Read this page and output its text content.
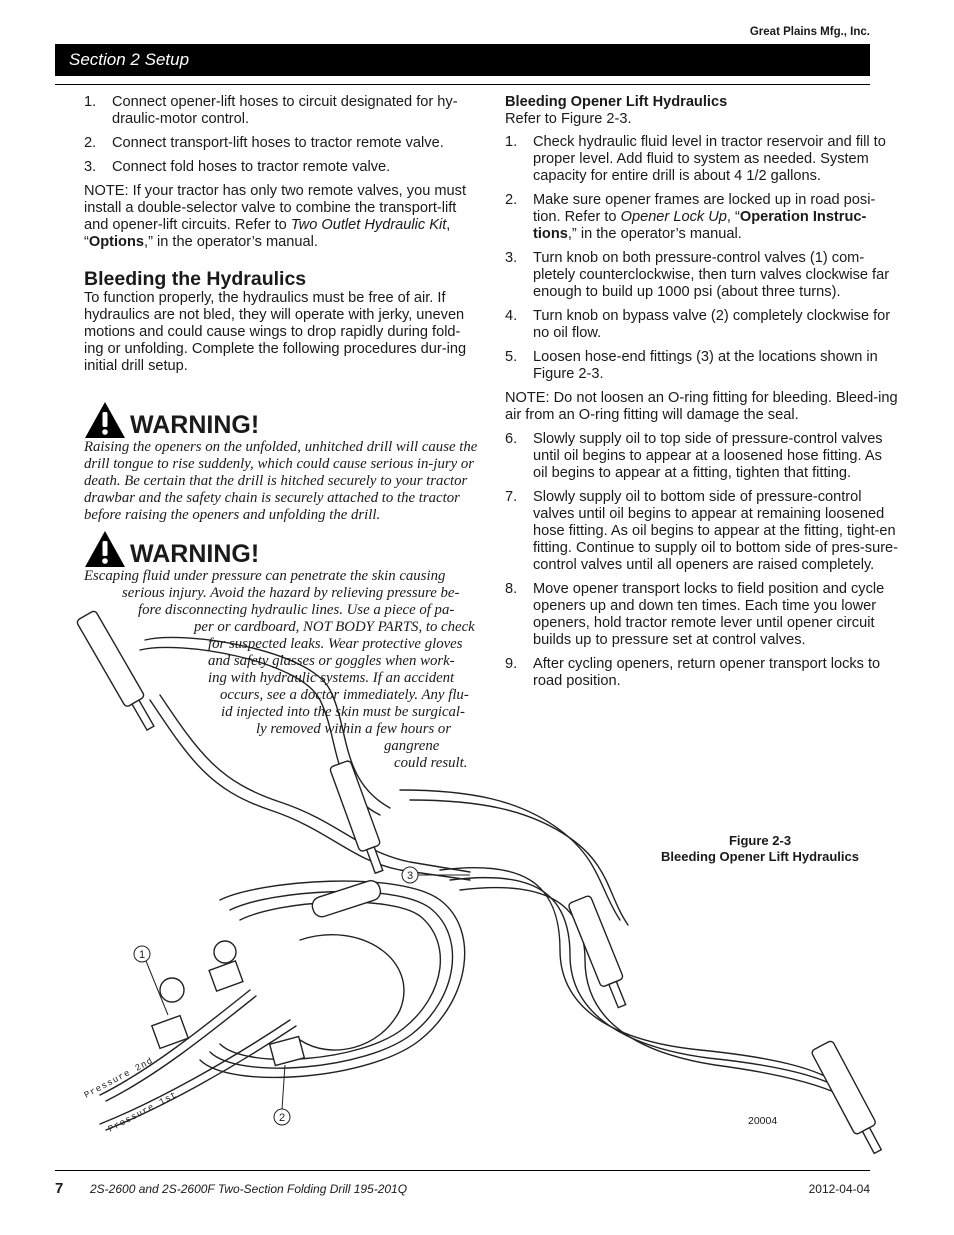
Great Plains Mfg., Inc.
Section 2 Setup
1
2
3
Pressure 2nd
Pressure 1st
1. Connect opener-lift hoses to circuit designated for hy-draulic-motor control.
2. Connect transport-lift hoses to tractor remote valve.
3. Connect fold hoses to tractor remote valve.

NOTE: If your tractor has only two remote valves, you must install a double-selector valve to combine the transport-lift and opener-lift circuits. Refer to Two Outlet Hydraulic Kit, “Options,” in the operator’s manual.

Bleeding the Hydraulics

To function properly, the hydraulics must be free of air. If hydraulics are not bled, they will operate with jerky, uneven motions and could cause wings to drop rapidly during fold-ing or unfolding. Complete the following procedures dur-ing initial drill setup.

WARNING!

Raising the openers on the unfolded, unhitched drill will cause the drill tongue to rise suddenly, which could cause serious in-jury or death. Be certain that the drill is hitched securely to your tractor drawbar and the safety chain is securely attached to the tractor before raising the openers and unfolding the drill.

WARNING!
Escaping fluid under pressure can penetrate the skin causing
serious injury. Avoid the hazard by relieving pressure be-
fore disconnecting hydraulic lines. Use a piece of pa-
per or cardboard, NOT BODY PARTS, to check
for suspected leaks. Wear protective gloves
and safety glasses or goggles when work-
ing with hydraulic systems. If an accident
occurs, see a doctor immediately. Any flu-
id injected into the skin must be surgical-
ly removed within a few hours or
gangrene
could result.
Bleeding Opener Lift Hydraulics

Refer to Figure 2-3.

1. Check hydraulic fluid level in tractor reservoir and fill to proper level. Add fluid to system as needed. System capacity for entire drill is about 4 1/2 gallons.
2. Make sure opener frames are locked up in road posi-tion. Refer to Opener Lock Up, “Operation Instruc-tions,” in the operator’s manual.
3. Turn knob on both pressure-control valves (1) com-pletely counterclockwise, then turn valves clockwise far enough to build up 1000 psi (about three turns).
4. Turn knob on bypass valve (2) completely clockwise for no oil flow.
5. Loosen hose-end fittings (3) at the locations shown in Figure 2-3.

NOTE: Do not loosen an O-ring fitting for bleeding. Bleed-ing air from an O-ring fitting will damage the seal.

6. Slowly supply oil to top side of pressure-control valves until oil begins to appear at a loosened hose fitting. As oil begins to appear at a fitting, tighten that fitting.
7. Slowly supply oil to bottom side of pressure-control valves until oil begins to appear at remaining loosened hose fitting. As oil begins to appear at the fitting, tight-en fitting. Continue to supply oil to bottom side of pres-sure-control valves until all openers are raised completely.
8. Move opener transport locks to field position and cycle openers up and down ten times. Each time you lower openers, hold tractor remote lever until opener circuit builds up to pressure set at control valves.
9. After cycling openers, return opener transport locks to road position.
Figure 2-3
Bleeding Opener Lift Hydraulics
20004
7 2S-2600 and 2S-2600F Two-Section Folding Drill 195-201Q	2012-04-04
